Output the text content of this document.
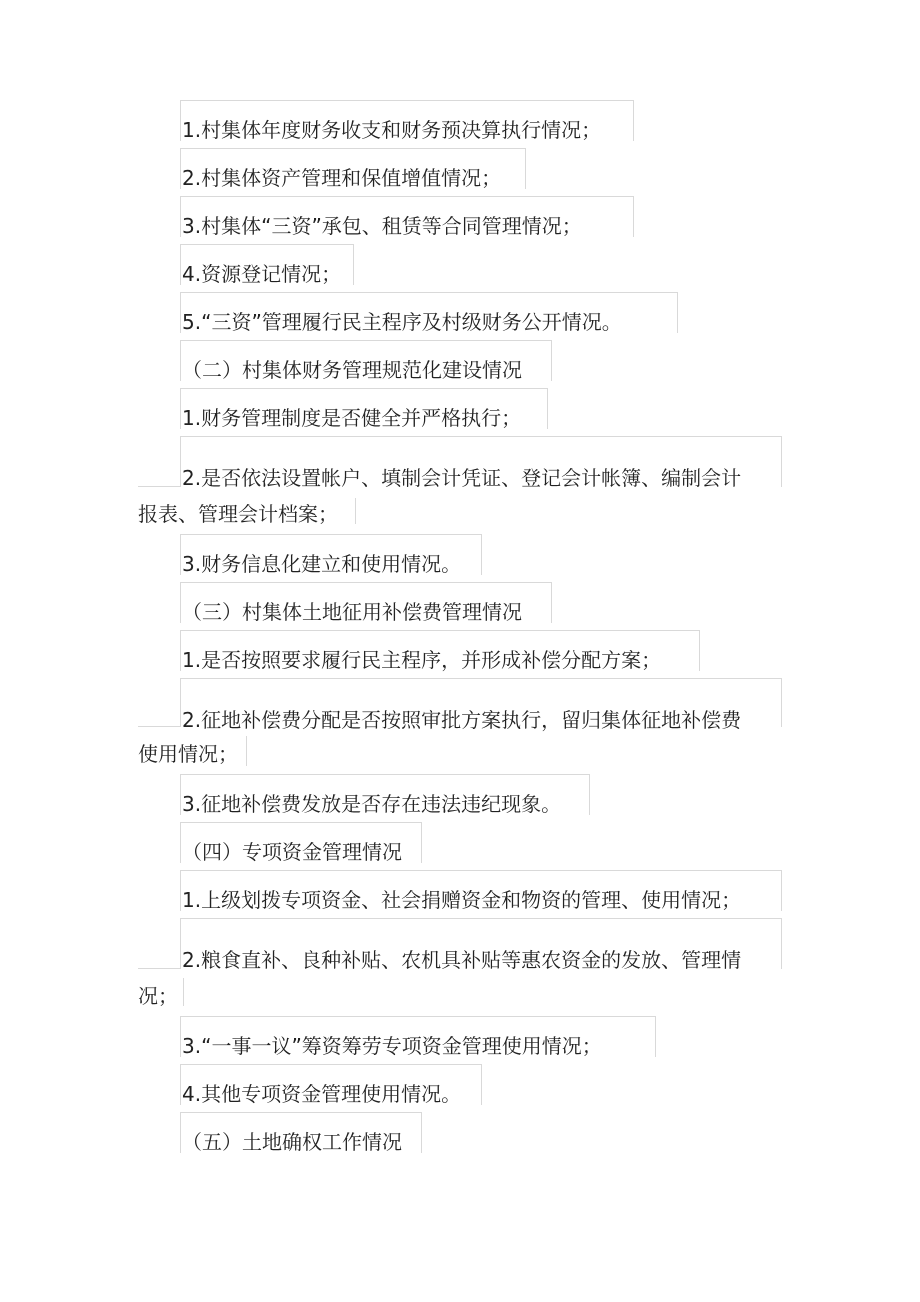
1.村集体年度财务收支和财务预决算执行情况；
2.村集体资产管理和保值增值情况；
3.村集体“三资”承包、租赁等合同管理情况；
4.资源登记情况；
5.“三资”管理履行民主程序及村级财务公开情况。
（二）村集体财务管理规范化建设情况
1.财务管理制度是否健全并严格执行；
2.是否依法设置帐户、填制会计凭证、登记会计帐簿、编制会计
报表、管理会计档案；
3.财务信息化建立和使用情况。
（三）村集体土地征用补偿费管理情况
1.是否按照要求履行民主程序，并形成补偿分配方案；
2.征地补偿费分配是否按照审批方案执行，留归集体征地补偿费
使用情况；
3.征地补偿费发放是否存在违法违纪现象。
（四）专项资金管理情况
1.上级划拨专项资金、社会捐赠资金和物资的管理、使用情况；
2.粮食直补、良种补贴、农机具补贴等惠农资金的发放、管理情
况；
3.“一事一议”筹资筹劳专项资金管理使用情况；
4.其他专项资金管理使用情况。
（五）土地确权工作情况
